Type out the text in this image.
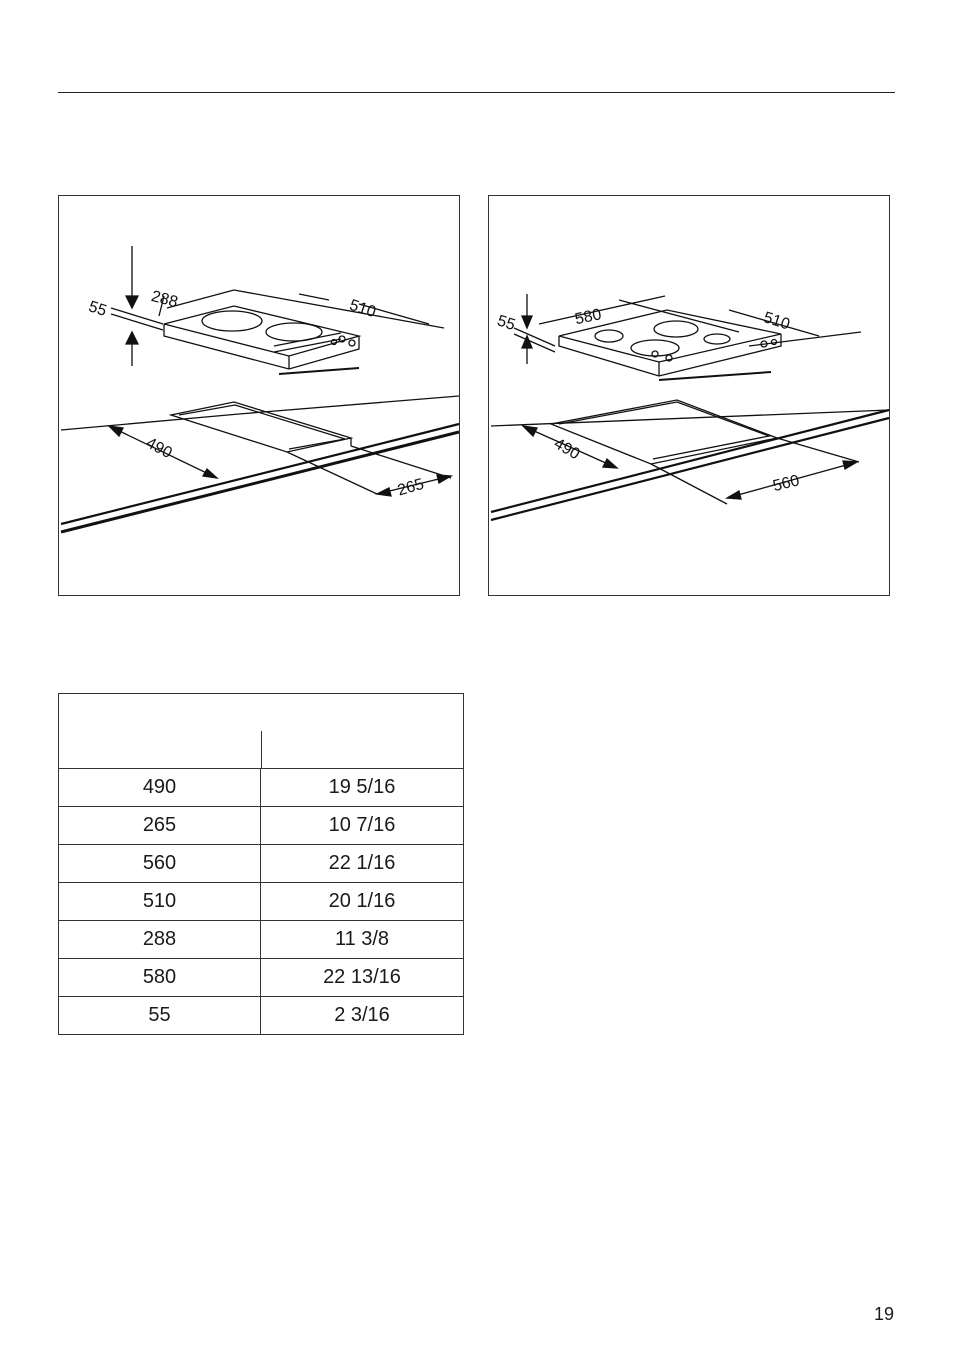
55	288	510
490
265
55	580	510
490
560

490	19 5/16
265	10 7/16
560	22 1/16
510	20 1/16
288	11 3/8
580	22 13/16
55	2 3/16
19
